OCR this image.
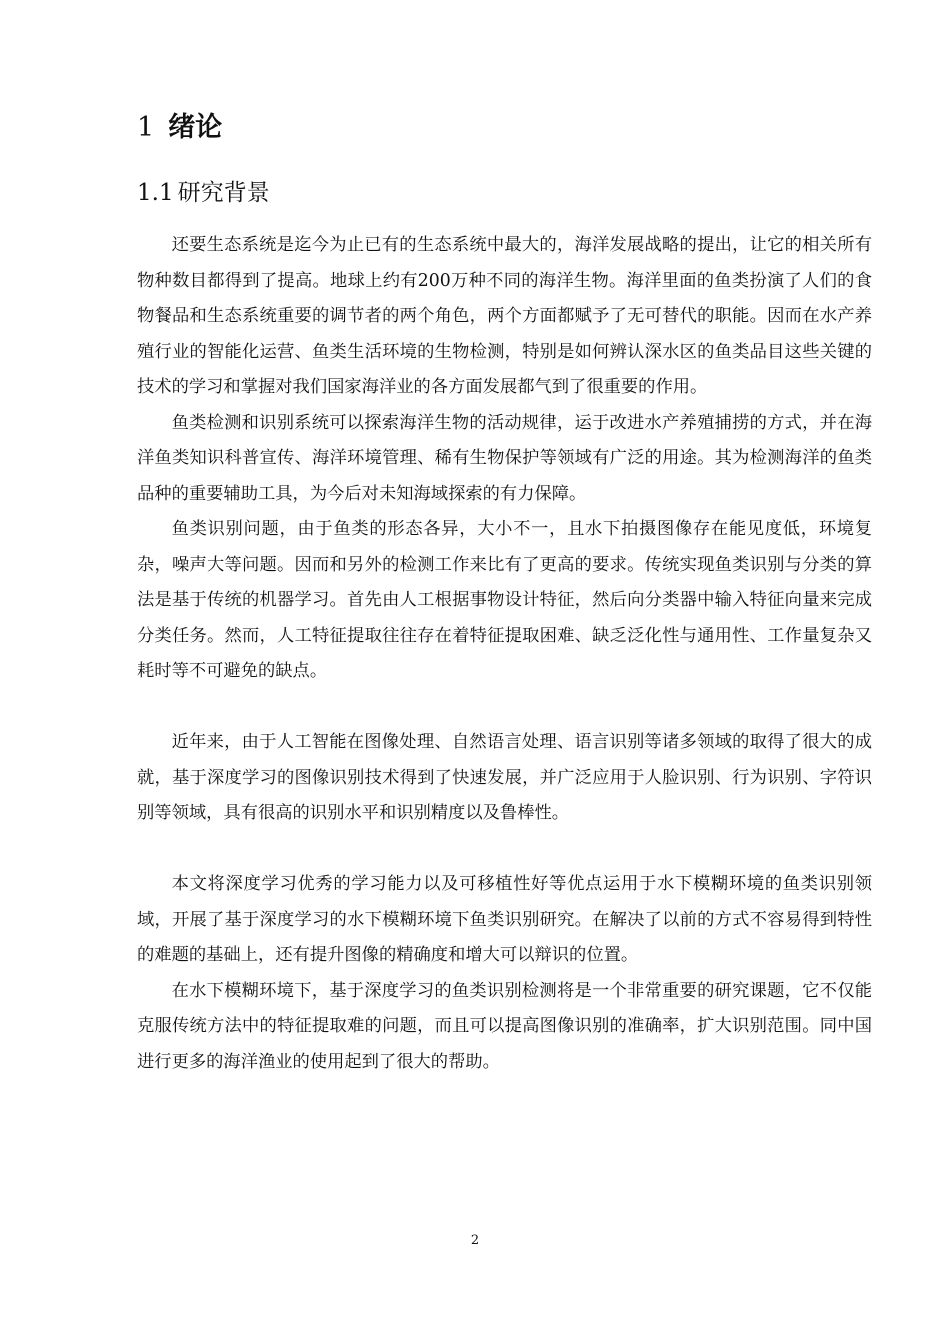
1 绪论
1.1 研究背景

还要生态系统是迄今为止已有的生态系统中最大的，海洋发展战略的提出，让它的相关所有物种数目都得到了提高。地球上约有200万种不同的海洋生物。海洋里面的鱼类扮演了人们的食物餐品和生态系统重要的调节者的两个角色，两个方面都赋予了无可替代的职能。因而在水产养殖行业的智能化运营、鱼类生活环境的生物检测，特别是如何辨认深水区的鱼类品目这些关键的技术的学习和掌握对我们国家海洋业的各方面发展都气到了很重要的作用。

鱼类检测和识别系统可以探索海洋生物的活动规律，运于改进水产养殖捕捞的方式，并在海洋鱼类知识科普宣传、海洋环境管理、稀有生物保护等领域有广泛的用途。其为检测海洋的鱼类品种的重要辅助工具，为今后对未知海域探索的有力保障。

鱼类识别问题，由于鱼类的形态各异，大小不一，且水下拍摄图像存在能见度低，环境复杂，噪声大等问题。因而和另外的检测工作来比有了更高的要求。传统实现鱼类识别与分类的算法是基于传统的机器学习。首先由人工根据事物设计特征，然后向分类器中输入特征向量来完成分类任务。然而，人工特征提取往往存在着特征提取困难、缺乏泛化性与通用性、工作量复杂又耗时等不可避免的缺点。

近年来，由于人工智能在图像处理、自然语言处理、语言识别等诸多领域的取得了很大的成就，基于深度学习的图像识别技术得到了快速发展，并广泛应用于人脸识别、行为识别、字符识别等领域，具有很高的识别水平和识别精度以及鲁棒性。

本文将深度学习优秀的学习能力以及可移植性好等优点运用于水下模糊环境的鱼类识别领域，开展了基于深度学习的水下模糊环境下鱼类识别研究。在解决了以前的方式不容易得到特性的难题的基础上，还有提升图像的精确度和增大可以辩识的位置。

在水下模糊环境下，基于深度学习的鱼类识别检测将是一个非常重要的研究课题，它不仅能克服传统方法中的特征提取难的问题，而且可以提高图像识别的准确率，扩大识别范围。同中国进行更多的海洋渔业的使用起到了很大的帮助。

2
